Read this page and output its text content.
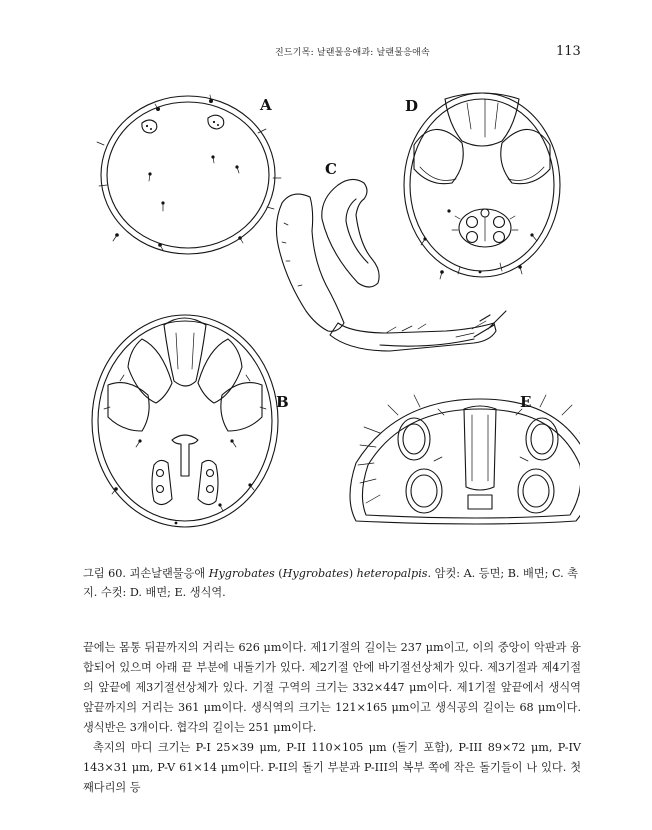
진드기목: 날랜물응애과: 날랜물응애속	113
A	D
C
B	E
그림 60. 괴손날랜물응애 Hygrobates (Hygrobates) heteropalpis. 암컷: A. 등면; B. 배면; C. 촉지. 수컷: D. 배면; E. 생식역.

끝에는 몸통 뒤끝까지의 거리는 626 μm이다. 제1기절의 길이는 237 μm이고, 이의 중앙이 악판과 융합되어 있으며 아래 끝 부분에 내돌기가 있다. 제2기절 안에 바기절선상체가 있다. 제3기절과 제4기절의 앞끝에 제3기절선상체가 있다. 기절 구역의 크기는 332×447 μm이다. 제1기절 앞끝에서 생식역 앞끝까지의 거리는 361 μm이다. 생식역의 크기는 121×165 μm이고 생식공의 길이는 68 μm이다. 생식반은 3개이다. 협각의 길이는 251 μm이다.

촉지의 마디 크기는 P-I 25×39 μm, P-II 110×105 μm (돌기 포함), P-III 89×72 μm, P-IV 143×31 μm, P-V 61×14 μm이다. P-II의 돌기 부분과 P-III의 복부 쪽에 작은 돌기들이 나 있다. 첫째다리의 등
